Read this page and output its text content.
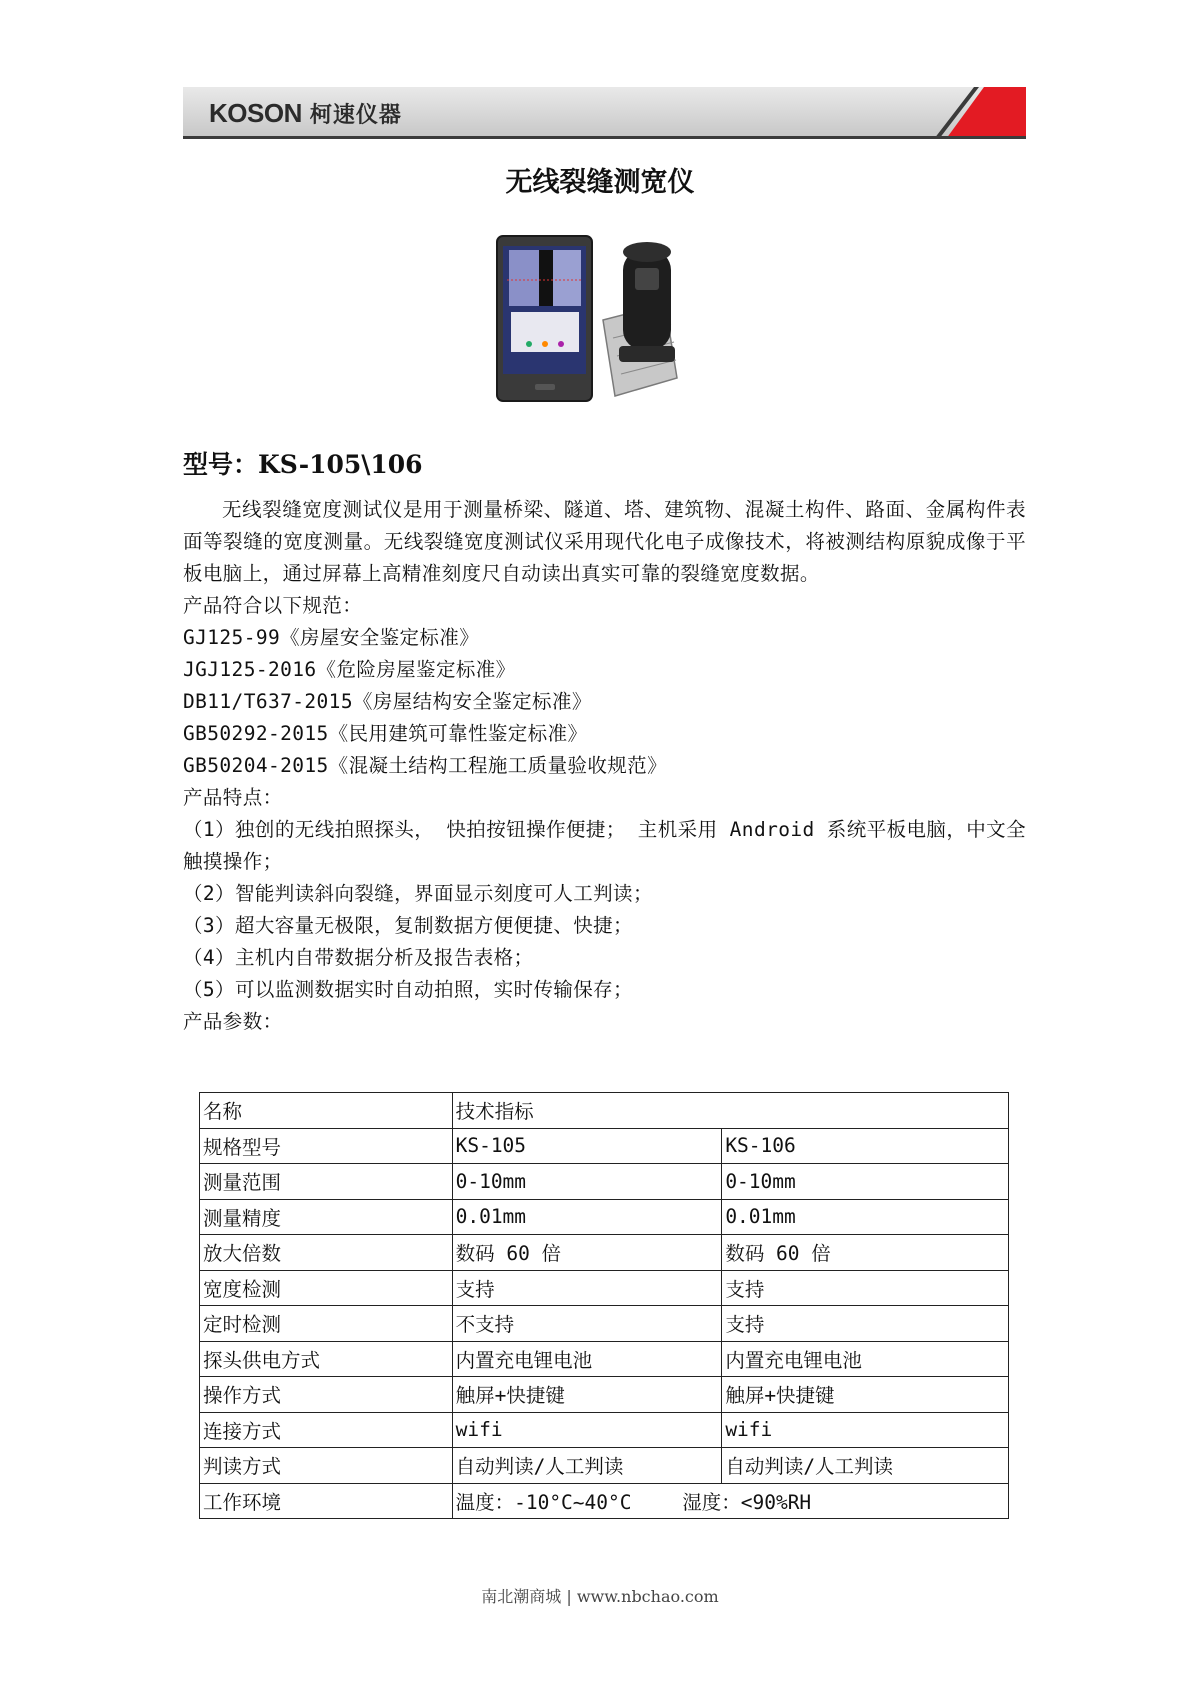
KOSON 柯速仪器
无线裂缝测宽仪
型号：KS-105\106

无线裂缝宽度测试仪是用于测量桥梁、隧道、塔、建筑物、混凝土构件、路面、金属构件表面等裂缝的宽度测量。无线裂缝宽度测试仪采用现代化电子成像技术，将被测结构原貌成像于平板电脑上，通过屏幕上高精准刻度尺自动读出真实可靠的裂缝宽度数据。

产品符合以下规范：

GJ125-99《房屋安全鉴定标准》

JGJ125-2016《危险房屋鉴定标准》

DB11/T637-2015《房屋结构安全鉴定标准》

GB50292-2015《民用建筑可靠性鉴定标准》

GB50204-2015《混凝土结构工程施工质量验收规范》

产品特点：

（1）独创的无线拍照探头， 快拍按钮操作便捷； 主机采用 Android 系统平板电脑，中文全触摸操作；

（2）智能判读斜向裂缝，界面显示刻度可人工判读；

（3）超大容量无极限，复制数据方便便捷、快捷；

（4）主机内自带数据分析及报告表格；

（5）可以监测数据实时自动拍照，实时传输保存；

产品参数：

名称	技术指标	
规格型号	KS-105	KS-106
测量范围	0-10mm	0-10mm
测量精度	0.01mm	0.01mm
放大倍数	数码 60 倍	数码 60 倍
宽度检测	支持	支持
定时检测	不支持	支持
探头供电方式	内置充电锂电池	内置充电锂电池
操作方式	触屏+快捷键	触屏+快捷键
连接方式	wifi	wifi
判读方式	自动判读/人工判读	自动判读/人工判读
工作环境	温度：-10°C~40°C　　 湿度：<90%RH	
南北潮商城 | www.nbchao.com
